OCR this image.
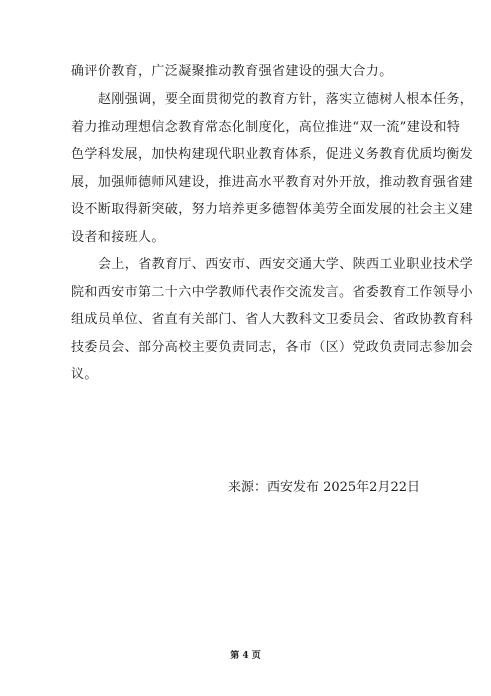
确评价教育，广泛凝聚推动教育强省建设的强大合力。
赵刚强调，要全面贯彻党的教育方针，落实立德树人根本任务，
着力推动理想信念教育常态化制度化，高位推进“双一流”建设和特
色学科发展，加快构建现代职业教育体系，促进义务教育优质均衡发
展，加强师德师风建设，推进高水平教育对外开放，推动教育强省建
设不断取得新突破，努力培养更多德智体美劳全面发展的社会主义建
设者和接班人。
会上，省教育厅、西安市、西安交通大学、陕西工业职业技术学
院和西安市第二十六中学教师代表作交流发言。省委教育工作领导小
组成员单位、省直有关部门、省人大教科文卫委员会、省政协教育科
技委员会、部分高校主要负责同志，各市（区）党政负责同志参加会
议。
来源：西安发布 2025年2月22日
第 4 页
